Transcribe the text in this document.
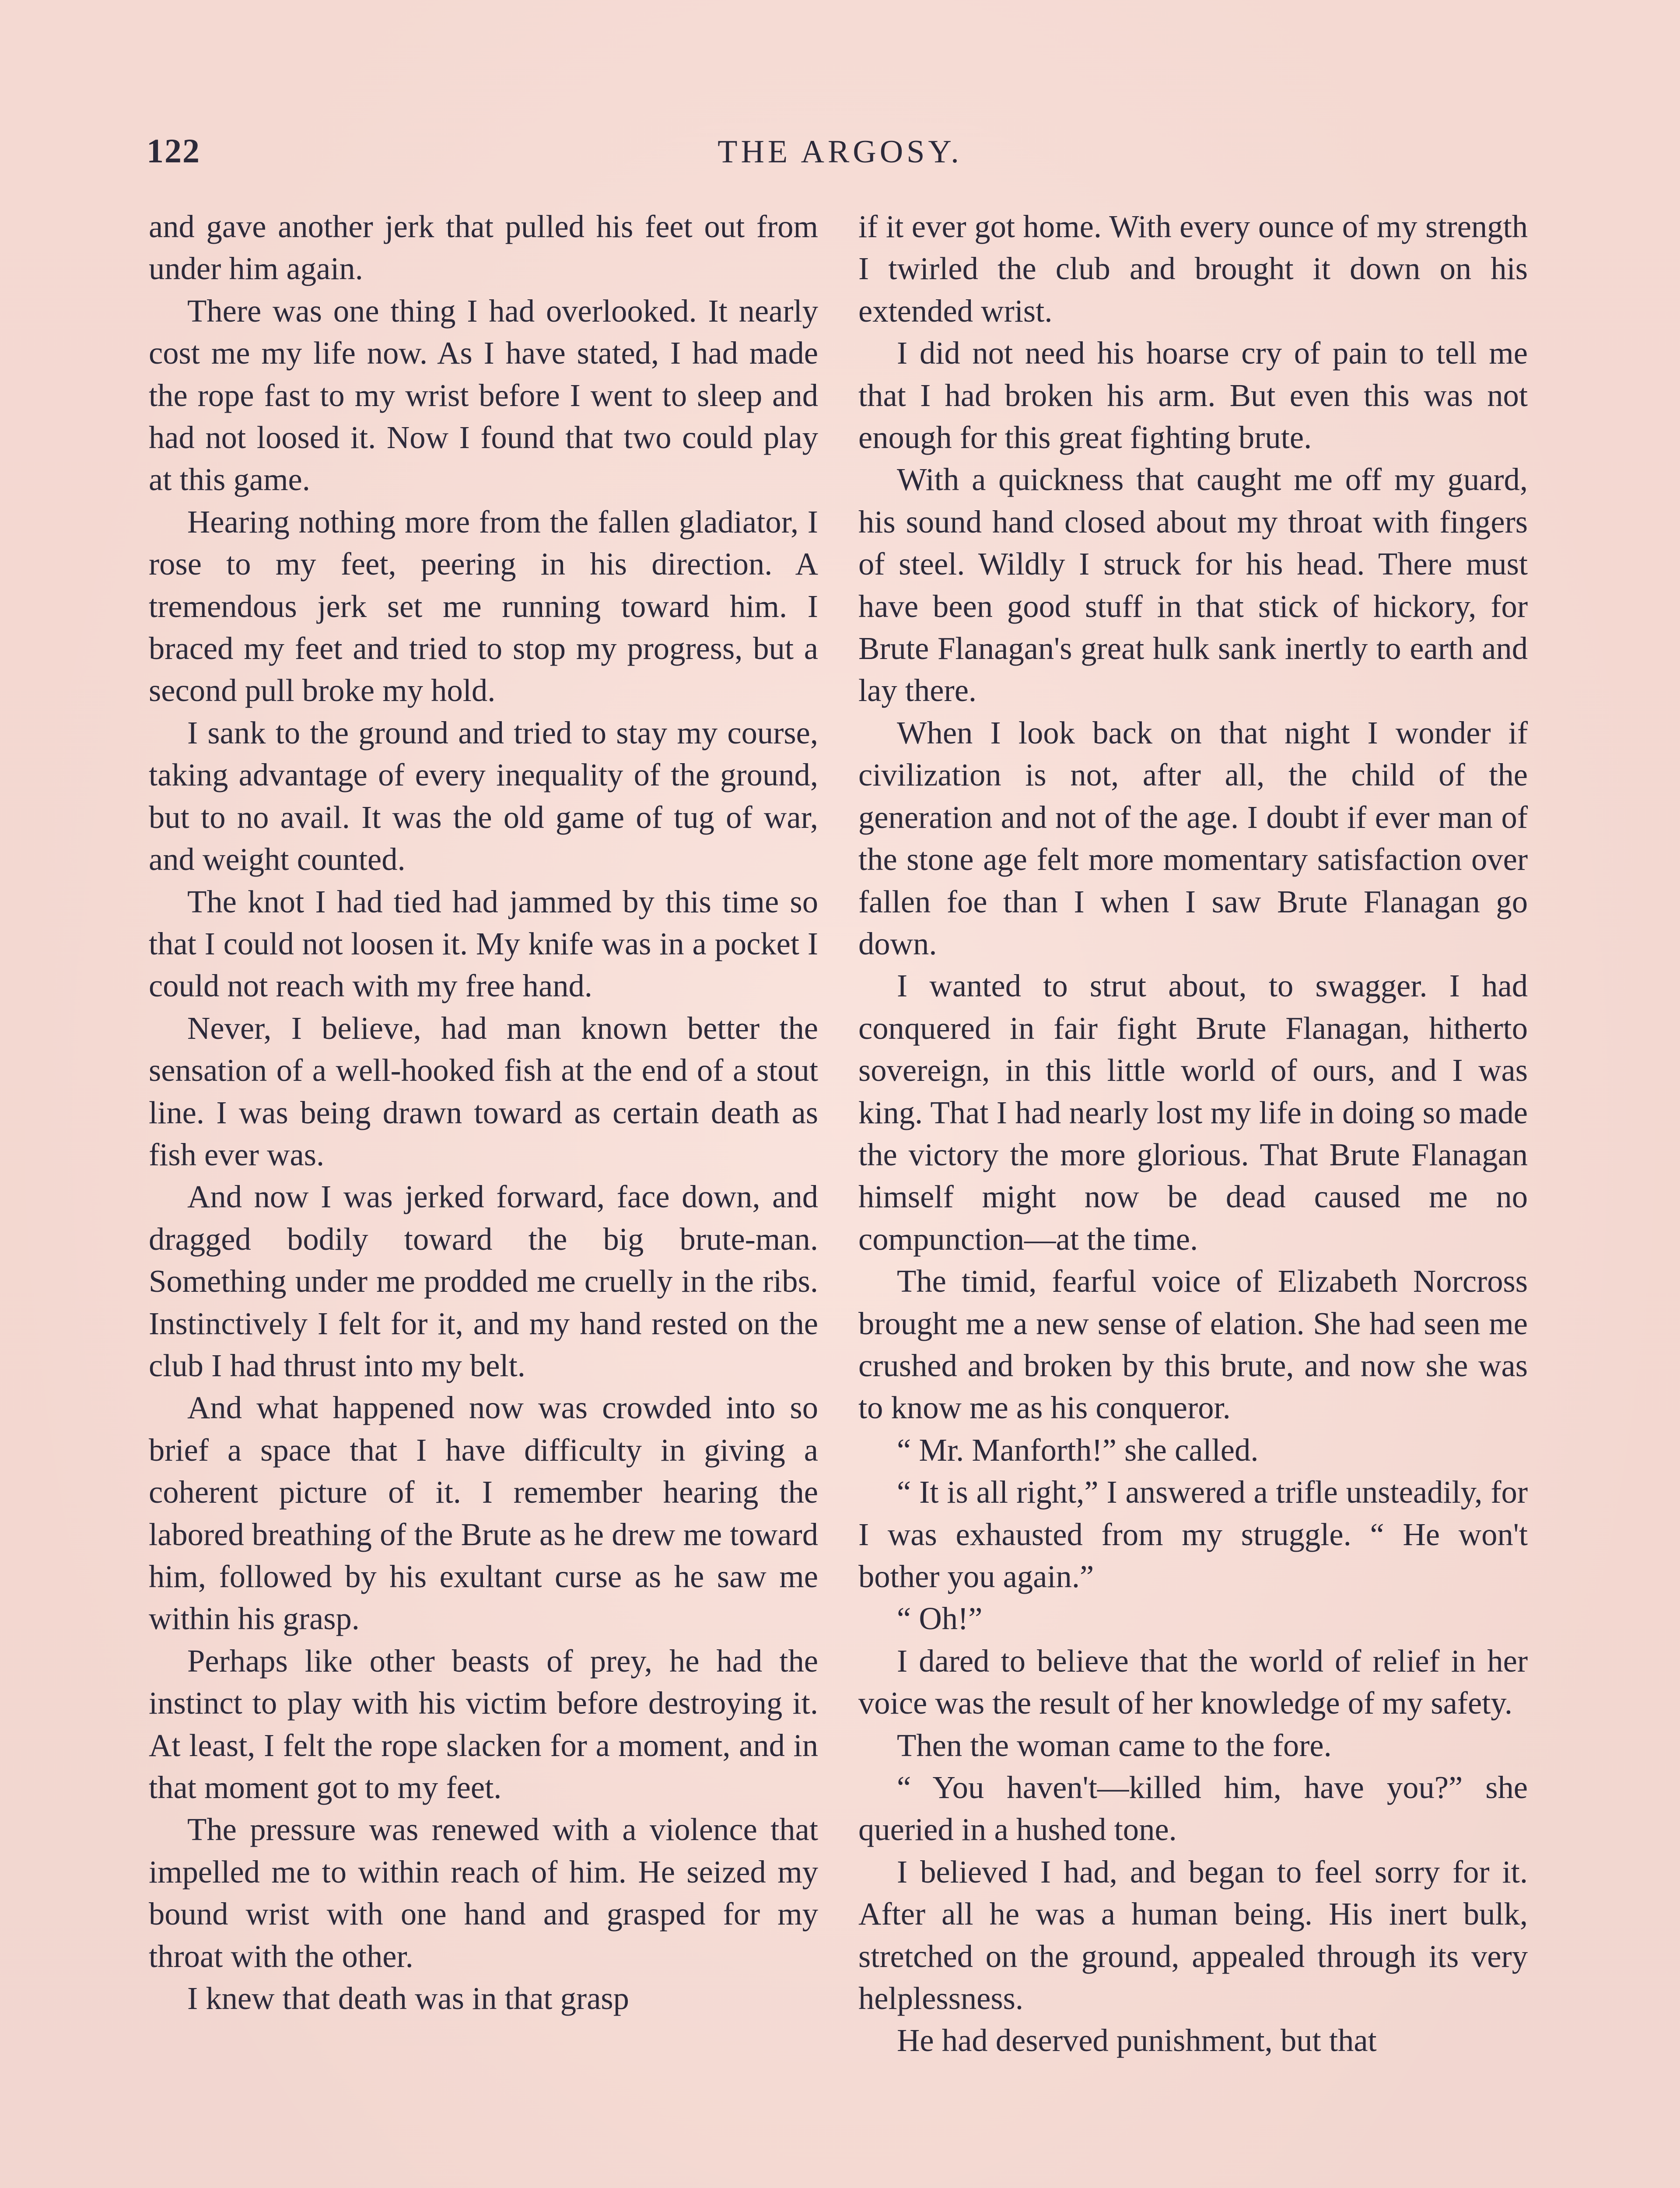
122	THE ARGOSY.

and gave another jerk that pulled his feet out from under him again.

There was one thing I had overlooked. It nearly cost me my life now. As I have stated, I had made the rope fast to my wrist before I went to sleep and had not loosed it. Now I found that two could play at this game.

Hearing nothing more from the fallen gladiator, I rose to my feet, peering in his direction. A tremendous jerk set me running toward him. I braced my feet and tried to stop my progress, but a second pull broke my hold.

I sank to the ground and tried to stay my course, taking advantage of every inequality of the ground, but to no avail. It was the old game of tug of war, and weight counted.

The knot I had tied had jammed by this time so that I could not loosen it. My knife was in a pocket I could not reach with my free hand.

Never, I believe, had man known better the sensation of a well-hooked fish at the end of a stout line. I was being drawn toward as certain death as fish ever was.

And now I was jerked forward, face down, and dragged bodily toward the big brute-man. Something under me prodded me cruelly in the ribs. Instinctively I felt for it, and my hand rested on the club I had thrust into my belt.

And what happened now was crowded into so brief a space that I have difficulty in giving a coherent picture of it. I remember hearing the labored breathing of the Brute as he drew me toward him, followed by his exultant curse as he saw me within his grasp.

Perhaps like other beasts of prey, he had the instinct to play with his victim before destroying it. At least, I felt the rope slacken for a moment, and in that moment got to my feet.

The pressure was renewed with a violence that impelled me to within reach of him. He seized my bound wrist with one hand and grasped for my throat with the other.

I knew that death was in that grasp

if it ever got home. With every ounce of my strength I twirled the club and brought it down on his extended wrist.

I did not need his hoarse cry of pain to tell me that I had broken his arm. But even this was not enough for this great fighting brute.

With a quickness that caught me off my guard, his sound hand closed about my throat with fingers of steel. Wildly I struck for his head. There must have been good stuff in that stick of hickory, for Brute Flanagan's great hulk sank inertly to earth and lay there.

When I look back on that night I wonder if civilization is not, after all, the child of the generation and not of the age. I doubt if ever man of the stone age felt more momentary satisfaction over fallen foe than I when I saw Brute Flanagan go down.

I wanted to strut about, to swagger. I had conquered in fair fight Brute Flanagan, hitherto sovereign, in this little world of ours, and I was king. That I had nearly lost my life in doing so made the victory the more glorious. That Brute Flanagan himself might now be dead caused me no compunction—at the time.

The timid, fearful voice of Elizabeth Norcross brought me a new sense of elation. She had seen me crushed and broken by this brute, and now she was to know me as his conqueror.

“ Mr. Manforth!” she called.

“ It is all right,” I answered a trifle unsteadily, for I was exhausted from my struggle. “ He won't bother you again.”

“ Oh!”

I dared to believe that the world of relief in her voice was the result of her knowledge of my safety.

Then the woman came to the fore.

“ You haven't—killed him, have you?” she queried in a hushed tone.

I believed I had, and began to feel sorry for it. After all he was a human being. His inert bulk, stretched on the ground, appealed through its very helplessness.

He had deserved punishment, but that
